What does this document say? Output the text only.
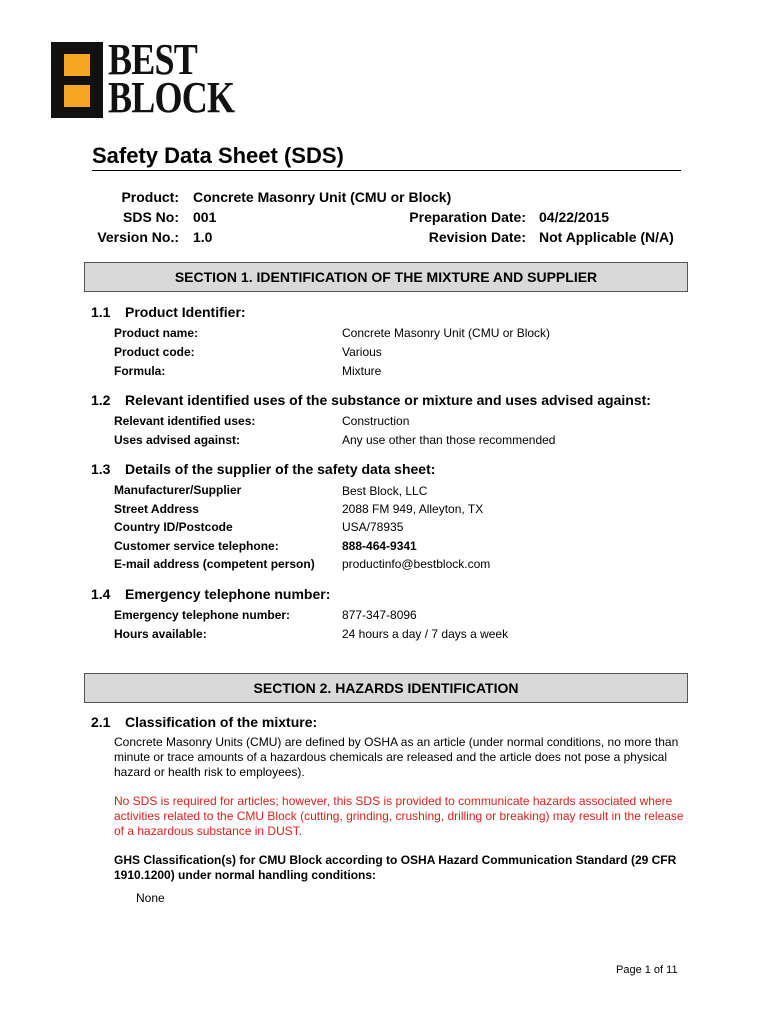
BEST
BLOCK
Safety Data Sheet (SDS)
Product: Concrete Masonry Unit (CMU or Block)
SDS No: 001
Version No.: 1.0
Preparation Date: 04/22/2015
Revision Date: Not Applicable (N/A)
SECTION 1. IDENTIFICATION OF THE MIXTURE AND SUPPLIER
1.1 Product Identifier:
Product name:	Concrete Masonry Unit (CMU or Block)
Product code:	Various
Formula:	Mixture
1.2 Relevant identified uses of the substance or mixture and uses advised against:
Relevant identified uses:	Construction
Uses advised against:	Any use other than those recommended
1.3 Details of the supplier of the safety data sheet:
Manufacturer/Supplier	Best Block, LLC
Street Address	2088 FM 949, Alleyton, TX
Country ID/Postcode	USA/78935
Customer service telephone:	888-464-9341
E-mail address (competent person) productinfo@bestblock.com
1.4 Emergency telephone number:
Emergency telephone number:	877-347-8096
Hours available:	24 hours a day / 7 days a week
SECTION 2. HAZARDS IDENTIFICATION
2.1 Classification of the mixture:
Concrete Masonry Units (CMU) are defined by OSHA as an article (under normal conditions, no more than minute or trace amounts of a hazardous chemicals are released and the article does not pose a physical hazard or health risk to employees).
No SDS is required for articles; however, this SDS is provided to communicate hazards associated where activities related to the CMU Block (cutting, grinding, crushing, drilling or breaking) may result in the release of a hazardous substance in DUST.
GHS Classification(s) for CMU Block according to OSHA Hazard Communication Standard (29 CFR 1910.1200) under normal handling conditions:
None
Page 1 of 11
